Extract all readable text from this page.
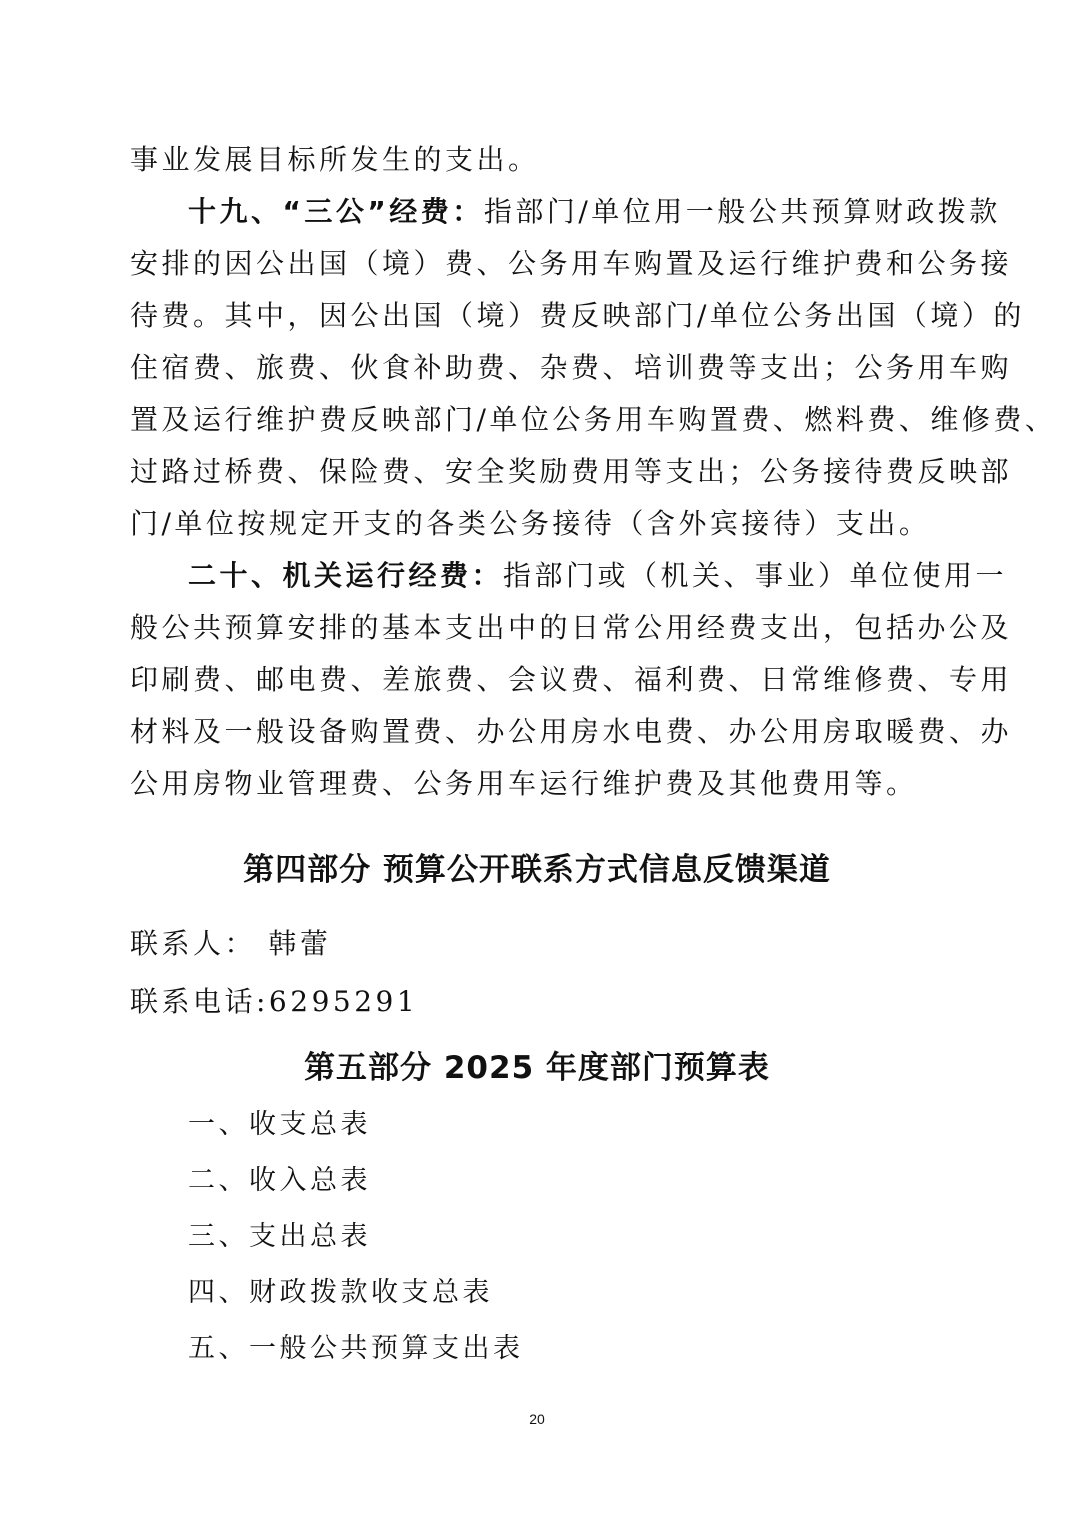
事业发展目标所发生的支出。
十九、“三公”经费：指部门/单位用一般公共预算财政拨款
安排的因公出国（境）费、公务用车购置及运行维护费和公务接
待费。其中，因公出国（境）费反映部门/单位公务出国（境）的
住宿费、旅费、伙食补助费、杂费、培训费等支出；公务用车购
置及运行维护费反映部门/单位公务用车购置费、燃料费、维修费、
过路过桥费、保险费、安全奖励费用等支出；公务接待费反映部
门/单位按规定开支的各类公务接待（含外宾接待）支出。
二十、机关运行经费：指部门或（机关、事业）单位使用一
般公共预算安排的基本支出中的日常公用经费支出，包括办公及
印刷费、邮电费、差旅费、会议费、福利费、日常维修费、专用
材料及一般设备购置费、办公用房水电费、办公用房取暖费、办
公用房物业管理费、公务用车运行维护费及其他费用等。
第四部分 预算公开联系方式信息反馈渠道
联系人： 韩蕾
联系电话:6295291
第五部分 2025 年度部门预算表
一、收支总表
二、收入总表
三、支出总表
四、财政拨款收支总表
五、一般公共预算支出表
20
